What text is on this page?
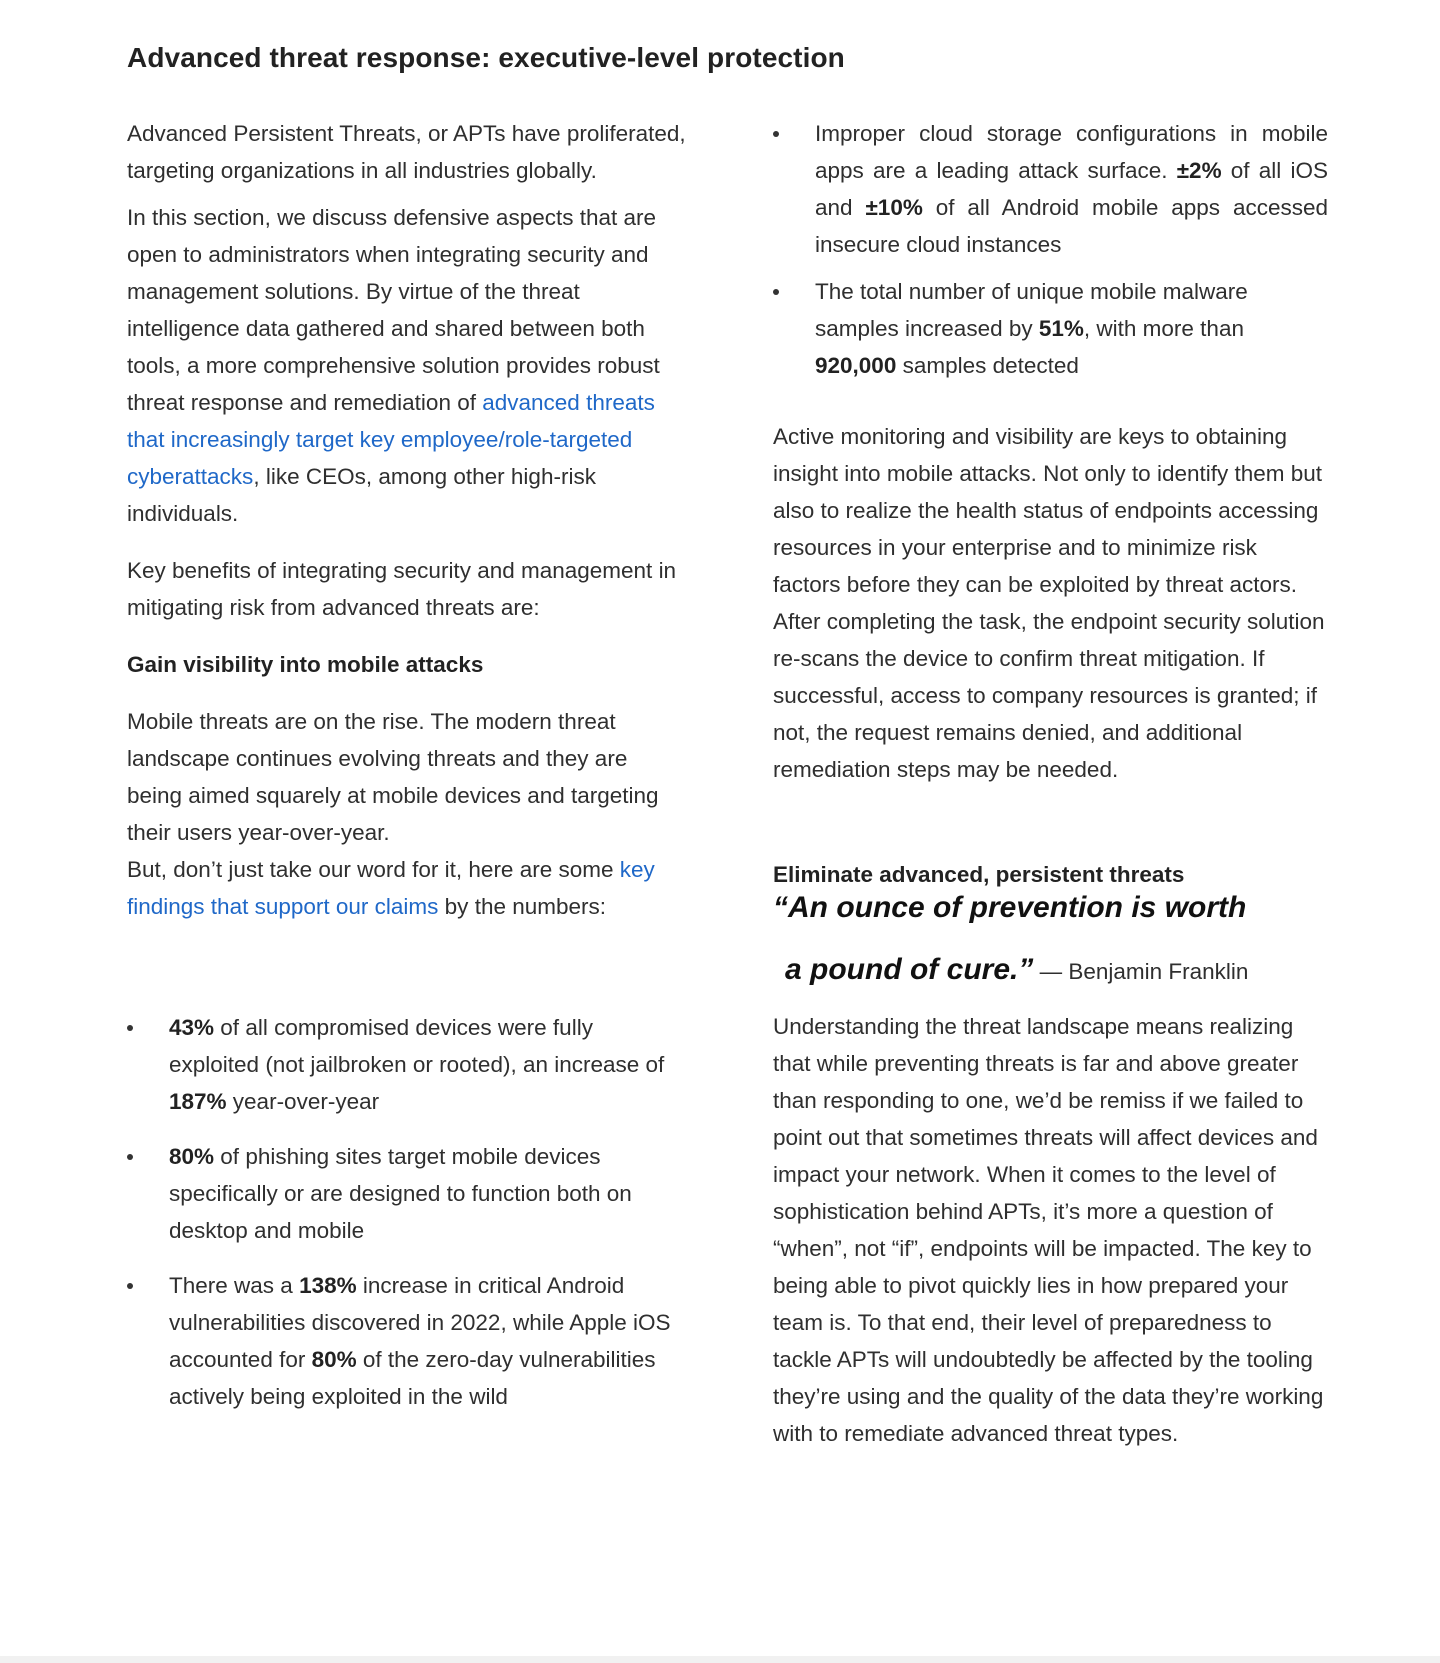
Advanced threat response: executive-level protection

Advanced Persistent Threats, or APTs have proliferated, targeting organizations in all industries globally.

In this section, we discuss defensive aspects that are open to administrators when integrating security and management solutions. By virtue of the threat intelligence data gathered and shared between both tools, a more comprehensive solution provides robust threat response and remediation of advanced threats that increasingly target key employee/role-targeted cyberattacks, like CEOs, among other high-risk individuals.

Key benefits of integrating security and management in mitigating risk from advanced threats are:

Gain visibility into mobile attacks

Mobile threats are on the rise. The modern threat landscape continues evolving threats and they are being aimed squarely at mobile devices and targeting their users year-over-year.

But, don’t just take our word for it, here are some key findings that support our claims by the numbers:

43% of all compromised devices were fully exploited (not jailbroken or rooted), an increase of 187% year-over-year
80% of phishing sites target mobile devices specifically or are designed to function both on desktop and mobile
There was a 138% increase in critical Android vulnerabilities discovered in 2022, while Apple iOS accounted for 80% of the zero-day vulnerabilities actively being exploited in the wild
Improper cloud storage configurations in mobile apps are a leading attack surface. ±2% of all iOS and ±10% of all Android mobile apps accessed insecure cloud instances
The total number of unique mobile malware samples increased by 51%, with more than 920,000 samples detected

Active monitoring and visibility are keys to obtaining insight into mobile attacks. Not only to identify them but also to realize the health status of endpoints accessing resources in your enterprise and to minimize risk factors before they can be exploited by threat actors.

After completing the task, the endpoint security solution re-scans the device to confirm threat mitigation. If successful, access to company resources is granted; if not, the request remains denied, and additional remediation steps may be needed.

Eliminate advanced, persistent threats

“An ounce of prevention is worth
a pound of cure.” — Benjamin Franklin

Understanding the threat landscape means realizing that while preventing threats is far and above greater than responding to one, we’d be remiss if we failed to point out that sometimes threats will affect devices and impact your network. When it comes to the level of sophistication behind APTs, it’s more a question of “when”, not “if”, endpoints will be impacted. The key to being able to pivot quickly lies in how prepared your team is. To that end, their level of preparedness to tackle APTs will undoubtedly be affected by the tooling they’re using and the quality of the data they’re working with to remediate advanced threat types.
